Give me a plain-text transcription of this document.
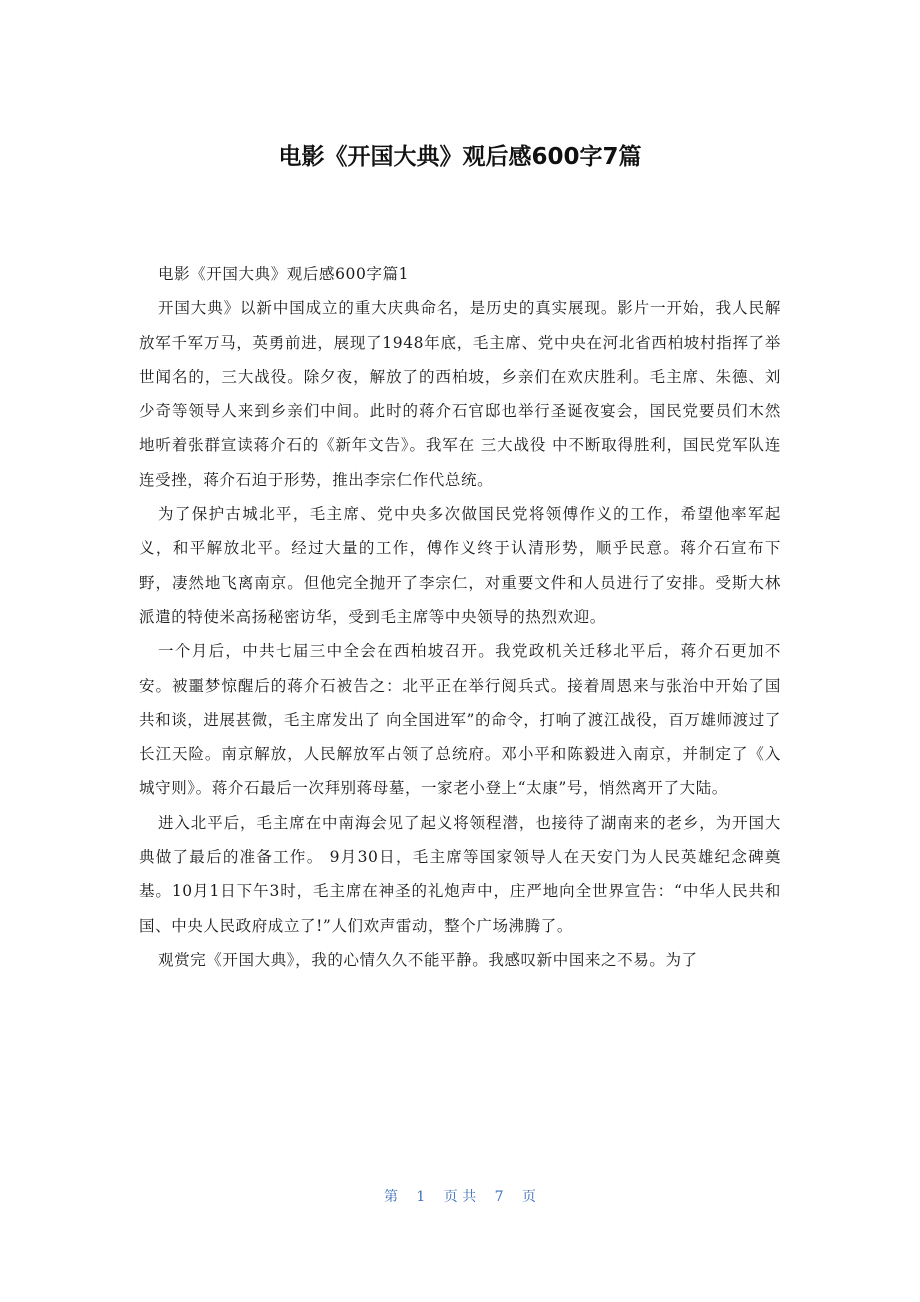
电影《开国大典》观后感600字7篇

电影《开国大典》观后感600字篇1

开国大典》以新中国成立的重大庆典命名，是历史的真实展现。影片一开始，我人民解放军千军万马，英勇前进，展现了1948年底，毛主席、党中央在河北省西柏坡村指挥了举世闻名的，三大战役。除夕夜，解放了的西柏坡，乡亲们在欢庆胜利。毛主席、朱德、刘少奇等领导人来到乡亲们中间。此时的蒋介石官邸也举行圣诞夜宴会，国民党要员们木然地听着张群宣读蒋介石的《新年文告》。我军在 三大战役 中不断取得胜利，国民党军队连连受挫，蒋介石迫于形势，推出李宗仁作代总统。

为了保护古城北平，毛主席、党中央多次做国民党将领傅作义的工作，希望他率军起义，和平解放北平。经过大量的工作，傅作义终于认清形势，顺乎民意。蒋介石宣布下野，凄然地飞离南京。但他完全抛开了李宗仁，对重要文件和人员进行了安排。受斯大林派遣的特使米高扬秘密访华，受到毛主席等中央领导的热烈欢迎。

一个月后，中共七届三中全会在西柏坡召开。我党政机关迁移北平后，蒋介石更加不安。被噩梦惊醒后的蒋介石被告之：北平正在举行阅兵式。接着周恩来与张治中开始了国共和谈，进展甚微，毛主席发出了 向全国进军”的命令，打响了渡江战役，百万雄师渡过了长江天险。南京解放，人民解放军占领了总统府。邓小平和陈毅进入南京，并制定了《入城守则》。蒋介石最后一次拜别蒋母墓，一家老小登上“太康”号，悄然离开了大陆。

进入北平后，毛主席在中南海会见了起义将领程潜，也接待了湖南来的老乡，为开国大典做了最后的准备工作。 9月30日，毛主席等国家领导人在天安门为人民英雄纪念碑奠基。10月1日下午3时，毛主席在神圣的礼炮声中，庄严地向全世界宣告：“中华人民共和国、中央人民政府成立了!”人们欢声雷动，整个广场沸腾了。

观赏完《开国大典》，我的心情久久不能平静。我感叹新中国来之不易。为了

第 1 页 共 7 页
